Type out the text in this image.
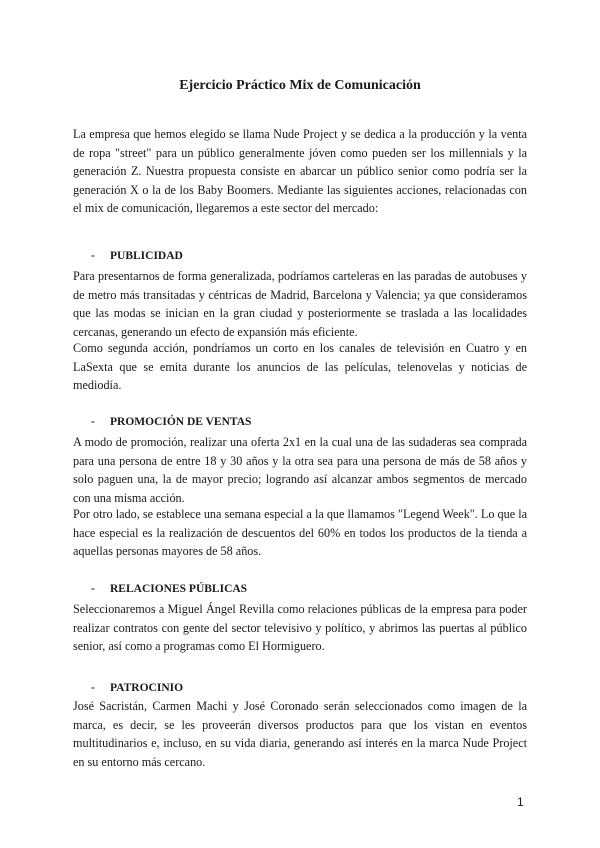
Ejercicio Práctico Mix de Comunicación

La empresa que hemos elegido se llama Nude Project y se dedica a la producción y la venta de ropa "street" para un público generalmente jóven como pueden ser los millennials y la generación Z. Nuestra propuesta consiste en abarcar un público senior como podría ser la generación X o la de los Baby Boomers. Mediante las siguientes acciones, relacionadas con el mix de comunicación, llegaremos a este sector del mercado:

- PUBLICIDAD

Para presentarnos de forma generalizada, podríamos carteleras en las paradas de autobuses y de metro más transitadas y céntricas de Madrid, Barcelona y Valencia; ya que consideramos que las modas se inician en la gran ciudad y posteriormente se traslada a las localidades cercanas, generando un efecto de expansión más eficiente.

Como segunda acción, pondríamos un corto en los canales de televisión en Cuatro y en LaSexta que se emita durante los anuncios de las películas, telenovelas y noticias de mediodía.

- PROMOCIÓN DE VENTAS

A modo de promoción, realizar una oferta 2x1 en la cual una de las sudaderas sea comprada para una persona de entre 18 y 30 años y la otra sea para una persona de más de 58 años y solo paguen una, la de mayor precio; logrando así alcanzar ambos segmentos de mercado con una misma acción.

Por otro lado, se establece una semana especial a la que llamamos "Legend Week". Lo que la hace especial es la realización de descuentos del 60% en todos los productos de la tienda a aquellas personas mayores de 58 años.

- RELACIONES PÚBLICAS

Seleccionaremos a Miguel Ángel Revilla como relaciones públicas de la empresa para poder realizar contratos con gente del sector televisivo y político, y abrimos las puertas al público senior, así como a programas como El Hormiguero.

- PATROCINIO

José Sacristán, Carmen Machi y José Coronado serán seleccionados como imagen de la marca, es decir, se les proveerán diversos productos para que los vistan en eventos multitudinarios e, incluso, en su vida diaria, generando así interés en la marca Nude Project en su entorno más cercano.

1
